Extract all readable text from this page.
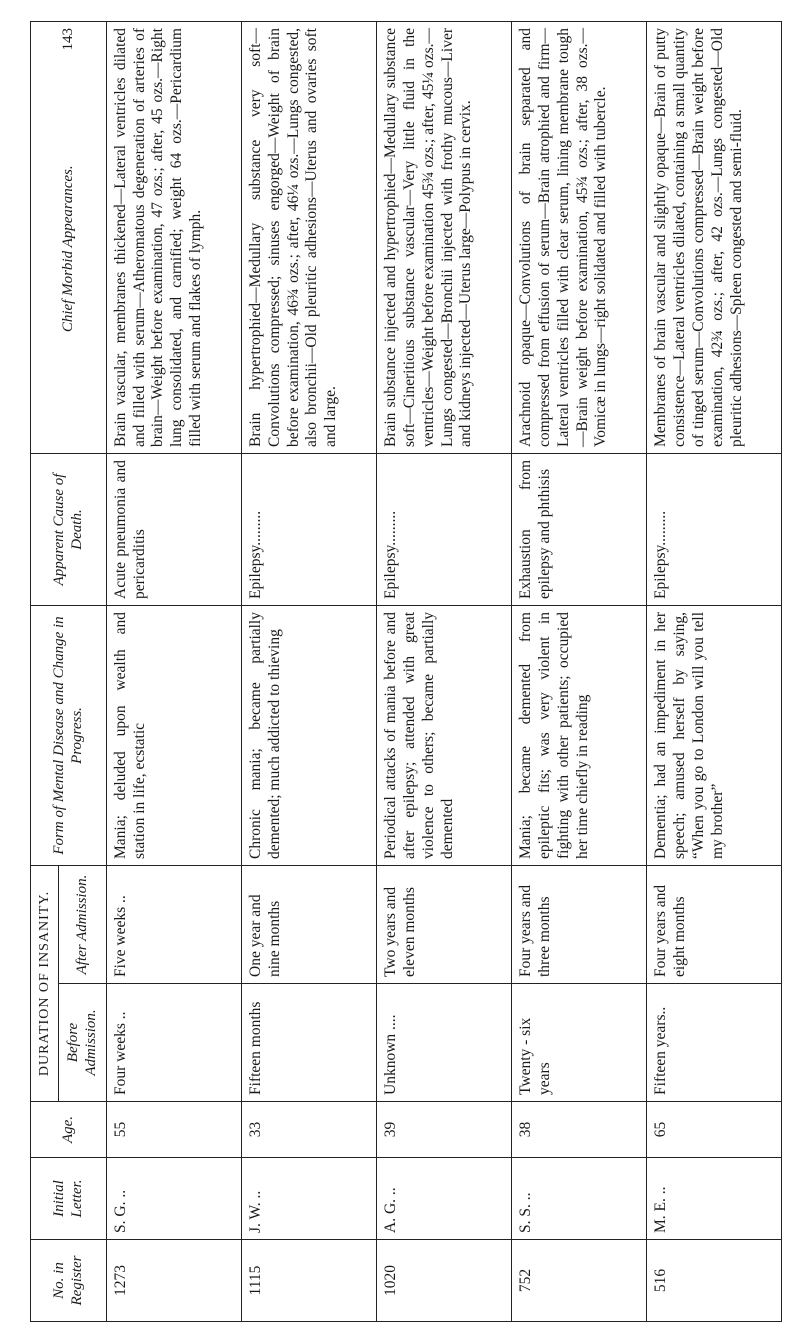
No. in Register	Initial Letter.	Age.	DURATION OF INSANITY.		Form of Mental Disease and Change in Progress.	Apparent Cause of Death.	Chief Morbid Appearances.
143

			Before Admission.	After Admission.			
1273	S. G. ..	55	Four weeks ..	Five weeks ..	Mania; deluded upon wealth and station in life, ecstatic	Acute pneumonia and pericarditis	Brain vascular, membranes thickened—Lateral ventricles dilated and filled with serum—Atheromatous degeneration of arteries of brain—Weight before examination, 47 ozs.; after, 45 ozs.—Right lung consolidated, and carnified; weight 64 ozs.—Pericardium filled with serum and flakes of lymph.
1115	J. W. ..	33	Fifteen months	One year and nine months	Chronic mania; became partially demented; much addicted to thieving	Epilepsy.........	Brain hypertrophied—Medullary substance very soft—Convolutions compressed; sinuses engorged—Weight of brain before examination, 46¾ ozs.; after, 46¼ ozs.—Lungs congested, also bronchii—Old pleuritic adhesions—Uterus and ovaries soft and large.
1020	A. G. ..	39	Unknown ....	Two years and eleven months	Periodical attacks of mania before and after epilepsy; attended with great violence to others; became partially demented	Epilepsy.........	Brain substance injected and hypertrophied—Medullary substance soft—Cineritious substance vascular—Very little fluid in the ventricles—Weight before examination 45¾ ozs.; after, 45¼ ozs.—Lungs congested—Bronchii injected with frothy mucous—Liver and kidneys injected—Uterus large—Polypus in cervix.
752	S. S. ..	38	Twenty - six years	Four years and three months	Mania; became demented from epileptic fits; was very violent in fighting with other patients; occupied her time chiefly in reading	Exhaustion from epilepsy and phthisis	Arachnoid opaque—Convolutions of brain separated and compressed from effusion of serum—Brain atrophied and firm—Lateral ventricles filled with clear serum, lining membrane tough—Brain weight before examination, 45¾ ozs.; after, 38 ozs.—Vomicæ in lungs—right solidated and filled with tubercle.
516	M. E. ..	65	Fifteen years..	Four years and eight months	Dementia; had an impediment in her speech; amused herself by saying, “When you go to London will you tell my brother”	Epilepsy.........	Membranes of brain vascular and slightly opaque—Brain of putty consistence—Lateral ventricles dilated, containing a small quantity of tinged serum—Convolutions compressed—Brain weight before examination, 42¾ ozs.; after, 42 ozs.—Lungs congested—Old pleuritic adhesions—Spleen congested and semi-fluid.
